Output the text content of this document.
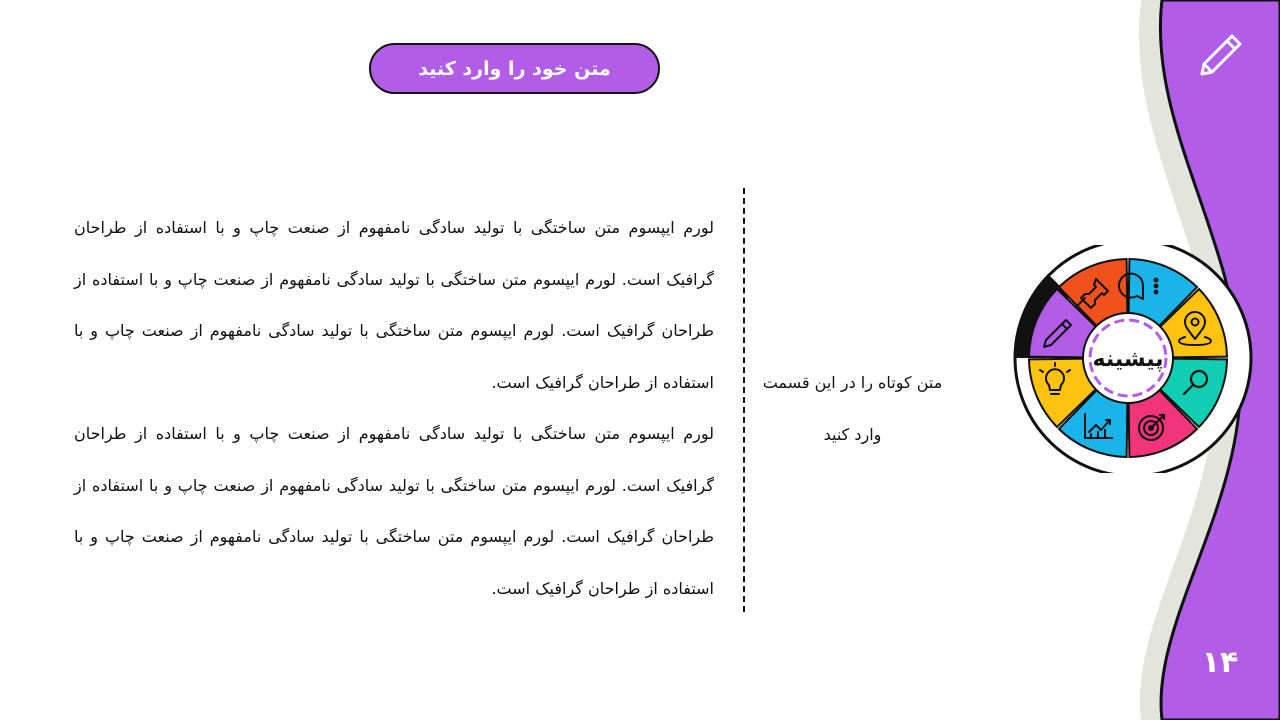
متن خود را وارد کنید

لورم ایپسوم متن ساختگی با تولید سادگی نامفهوم از صنعت چاپ و با استفاده از طراحان گرافیک است. لورم ایپسوم متن ساختگی با تولید سادگی نامفهوم از صنعت چاپ و با استفاده از طراحان گرافیک است. لورم ایپسوم متن ساختگی با تولید سادگی نامفهوم از صنعت چاپ و با استفاده از طراحان گرافیک است.

لورم ایپسوم متن ساختگی با تولید سادگی نامفهوم از صنعت چاپ و با استفاده از طراحان گرافیک است. لورم ایپسوم متن ساختگی با تولید سادگی نامفهوم از صنعت چاپ و با استفاده از طراحان گرافیک است. لورم ایپسوم متن ساختگی با تولید سادگی نامفهوم از صنعت چاپ و با استفاده از طراحان گرافیک است.

متن کوتاه را در این قسمت وارد کنید
پیشینه
۱۴
